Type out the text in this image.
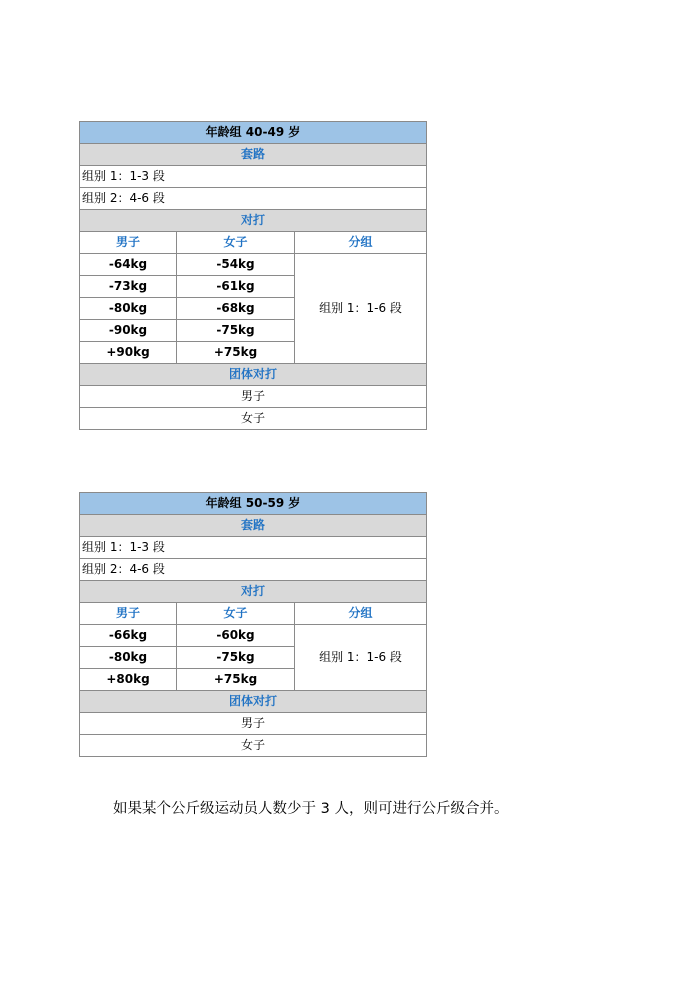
年龄组 40-49 岁		
套路		
组别 1：1-3 段		
组别 2：4-6 段		
对打		
男子	女子	分组
-64kg	-54kg	组别 1：1-6 段
-73kg	-61kg	
-80kg	-68kg	
-90kg	-75kg	
+90kg	+75kg	
团体对打		
男子		
女子		
年龄组 50-59 岁		
套路		
组别 1：1-3 段		
组别 2：4-6 段		
对打		
男子	女子	分组
-66kg	-60kg	组别 1：1-6 段
-80kg	-75kg	
+80kg	+75kg	
团体对打		
男子		
女子		
如果某个公斤级运动员人数少于 3 人，则可进行公斤级合并。
